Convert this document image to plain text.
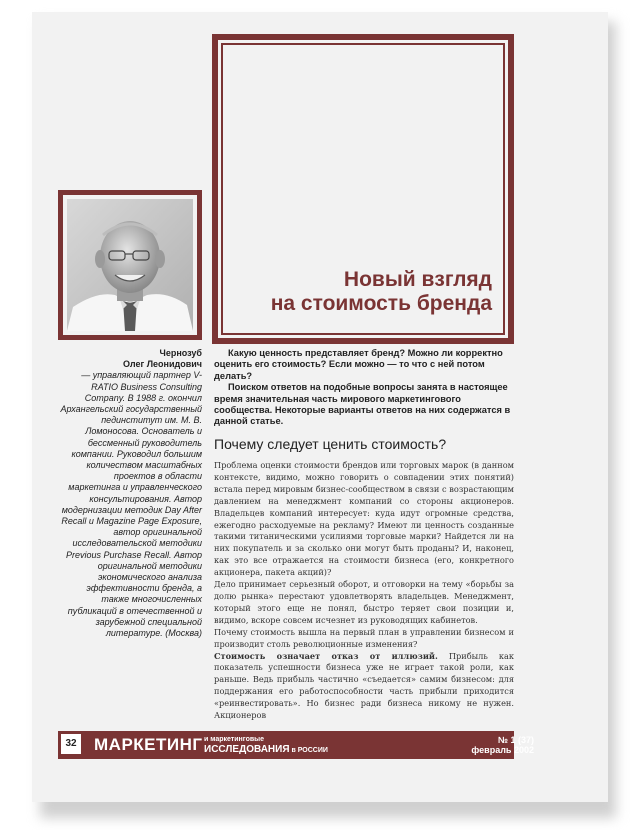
Новый взгляд
на стоимость бренда
Чернозуб
Олег Леонидович
— управляющий партнер V-RATIO Business Consulting Company. В 1988 г. окончил Архангельский государственный пединститут им. М. В. Ломоносова. Основатель и бессменный руководитель компании. Руководил большим количеством масштабных проектов в области маркетинга и управленческого консультирования. Автор модернизации методик Day After Recall и Magazine Page Exposure, автор оригинальной исследовательской методики Previous Purchase Recall. Автор оригинальной методики экономического анализа эффективности бренда, а также многочисленных публикаций в отечественной и зарубежной специальной литературе. (Москва)

Какую ценность представляет бренд? Можно ли корректно оценить его стоимость? Если можно — то что с ней потом делать?

Поиском ответов на подобные вопросы занята в настоящее время значительная часть мирового маркетингового сообщества. Некоторые варианты ответов на них содержатся в данной статье.

Почему следует ценить стоимость?

Проблема оценки стоимости брендов или торговых марок (в данном контексте, видимо, можно говорить о совпадении этих понятий) встала перед мировым бизнес-сообществом в связи с возрастающим давлением на менеджмент компаний со стороны акционеров. Владельцев компаний интересует: куда идут огромные средства, ежегодно расходуемые на рекламу? Имеют ли ценность созданные такими титаническими усилиями торговые марки? Найдется ли на них покупатель и за сколько они могут быть проданы? И, наконец, как это все отражается на стоимости бизнеса (его, конкретного акционера, пакета акций)?

Дело принимает серьезный оборот, и отговорки на тему «борьбы за долю рынка» перестают удовлетворять владельцев. Менеджмент, который этого еще не понял, быстро теряет свои позиции и, видимо, вскоре совсем исчезнет из руководящих кабинетов.

Почему стоимость вышла на первый план в управлении бизнесом и производит столь революционные изменения?

Стоимость означает отказ от иллюзий. Прибыль как показатель успешности бизнеса уже не играет такой роли, как раньше. Ведь прибыль частично «съедается» самим бизнесом: для поддержания его работоспособности часть прибыли приходится «реинвестировать». Но бизнес ради бизнеса никому не нужен. Акционеров

32	МАРКЕТИНГ и маркетинговые
ИССЛЕДОВАНИЯ в РОССИИ
№ 1 (37)
февраль 2002
